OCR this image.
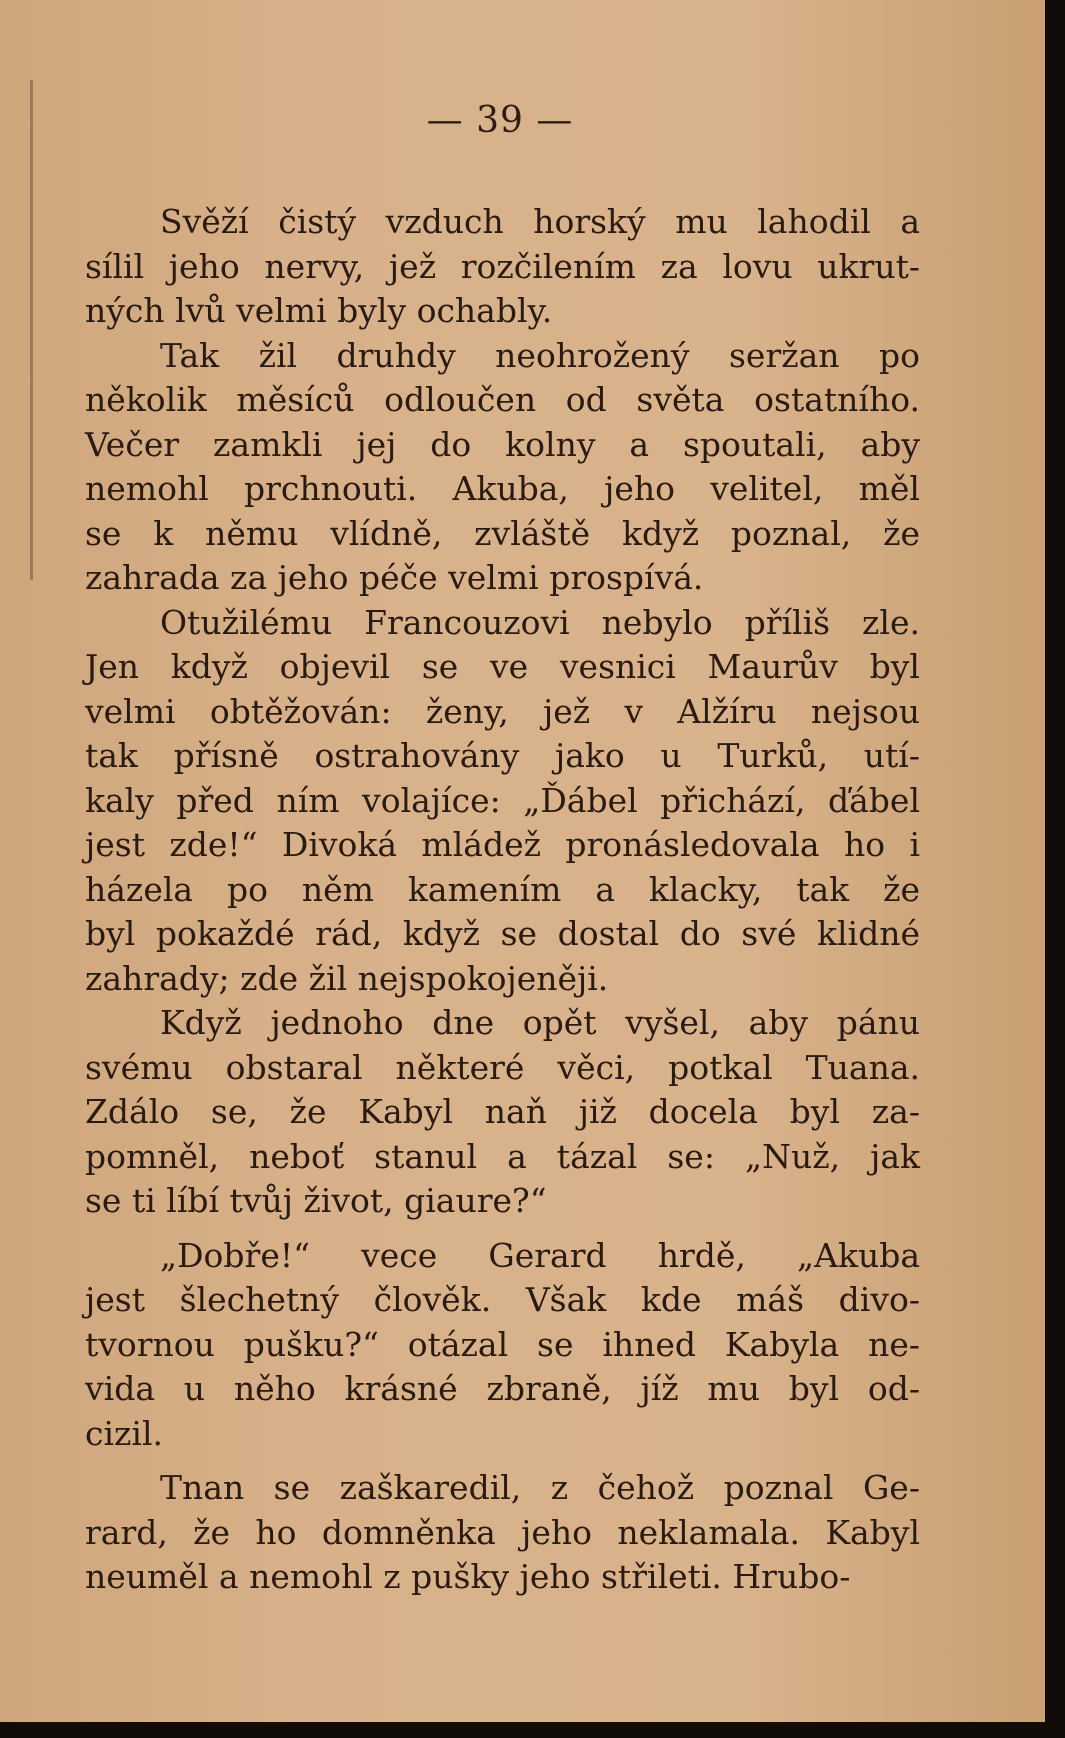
— 39 —
Svěží čistý vzduch horský mu lahodil a
sílil jeho nervy, jež rozčilením za lovu ukrut-
ných lvů velmi byly ochably.
Tak žil druhdy neohrožený seržan po
několik měsíců odloučen od světa ostatního.
Večer zamkli jej do kolny a spoutali, aby
nemohl prchnouti. Akuba, jeho velitel, měl
se k němu vlídně, zvláště když poznal, že
zahrada za jeho péče velmi prospívá.
Otužilému Francouzovi nebylo příliš zle.
Jen když objevil se ve vesnici Maurův byl
velmi obtěžován: ženy, jež v Alžíru nejsou
tak přísně ostrahovány jako u Turků, utí-
kaly před ním volajíce: „Ďábel přichází, ďábel
jest zde!“ Divoká mládež pronásledovala ho i
házela po něm kamením a klacky, tak že
byl pokaždé rád, když se dostal do své klidné
zahrady; zde žil nejspokojeněji.
Když jednoho dne opět vyšel, aby pánu
svému obstaral některé věci, potkal Tuana.
Zdálo se, že Kabyl naň již docela byl za-
pomněl, neboť stanul a tázal se: „Nuž, jak
se ti líbí tvůj život, giaure?“
„Dobře!“ vece Gerard hrdě, „Akuba
jest šlechetný člověk. Však kde máš divo-
tvornou pušku?“ otázal se ihned Kabyla ne-
vida u něho krásné zbraně, jíž mu byl od-
cizil.
Tnan se zaškaredil, z čehož poznal Ge-
rard, že ho domněnka jeho neklamala. Kabyl
neuměl a nemohl z pušky jeho střileti. Hrubo-
